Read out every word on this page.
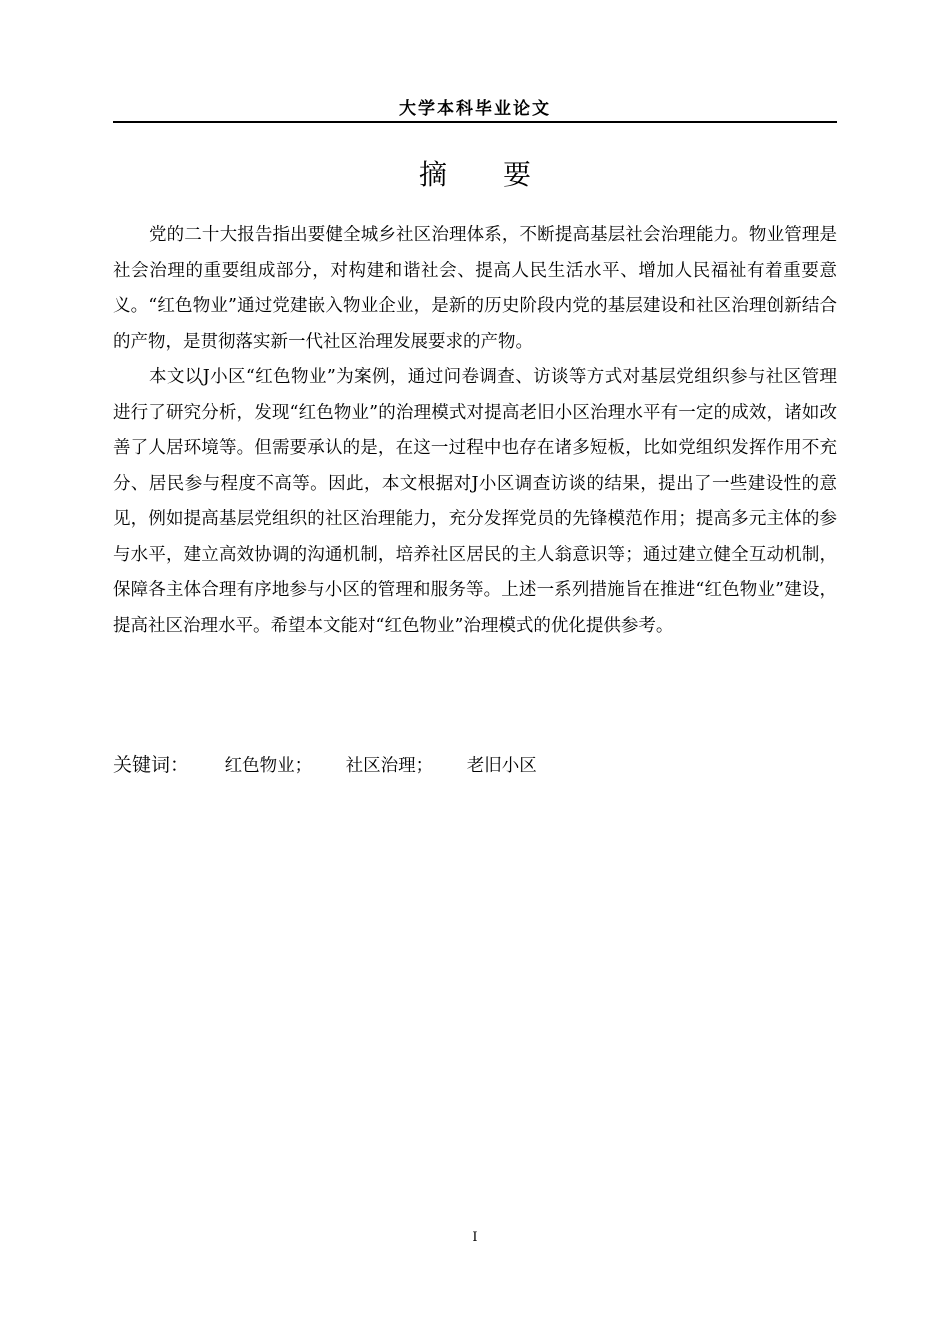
大学本科毕业论文
摘要

党的二十大报告指出要健全城乡社区治理体系，不断提高基层社会治理能力。物业管理是社会治理的重要组成部分，对构建和谐社会、提高人民生活水平、增加人民福祉有着重要意义。“红色物业”通过党建嵌入物业企业，是新的历史阶段内党的基层建设和社区治理创新结合的产物，是贯彻落实新一代社区治理发展要求的产物。

本文以J小区“红色物业”为案例，通过问卷调查、访谈等方式对基层党组织参与社区管理进行了研究分析，发现“红色物业”的治理模式对提高老旧小区治理水平有一定的成效，诸如改善了人居环境等。但需要承认的是，在这一过程中也存在诸多短板，比如党组织发挥作用不充分、居民参与程度不高等。因此，本文根据对J小区调查访谈的结果，提出了一些建设性的意见，例如提高基层党组织的社区治理能力，充分发挥党员的先锋模范作用；提高多元主体的参与水平，建立高效协调的沟通机制，培养社区居民的主人翁意识等；通过建立健全互动机制，保障各主体合理有序地参与小区的管理和服务等。上述一系列措施旨在推进“红色物业”建设，提高社区治理水平。希望本文能对“红色物业”治理模式的优化提供参考。

关键词： 红色物业； 社区治理； 老旧小区
I
